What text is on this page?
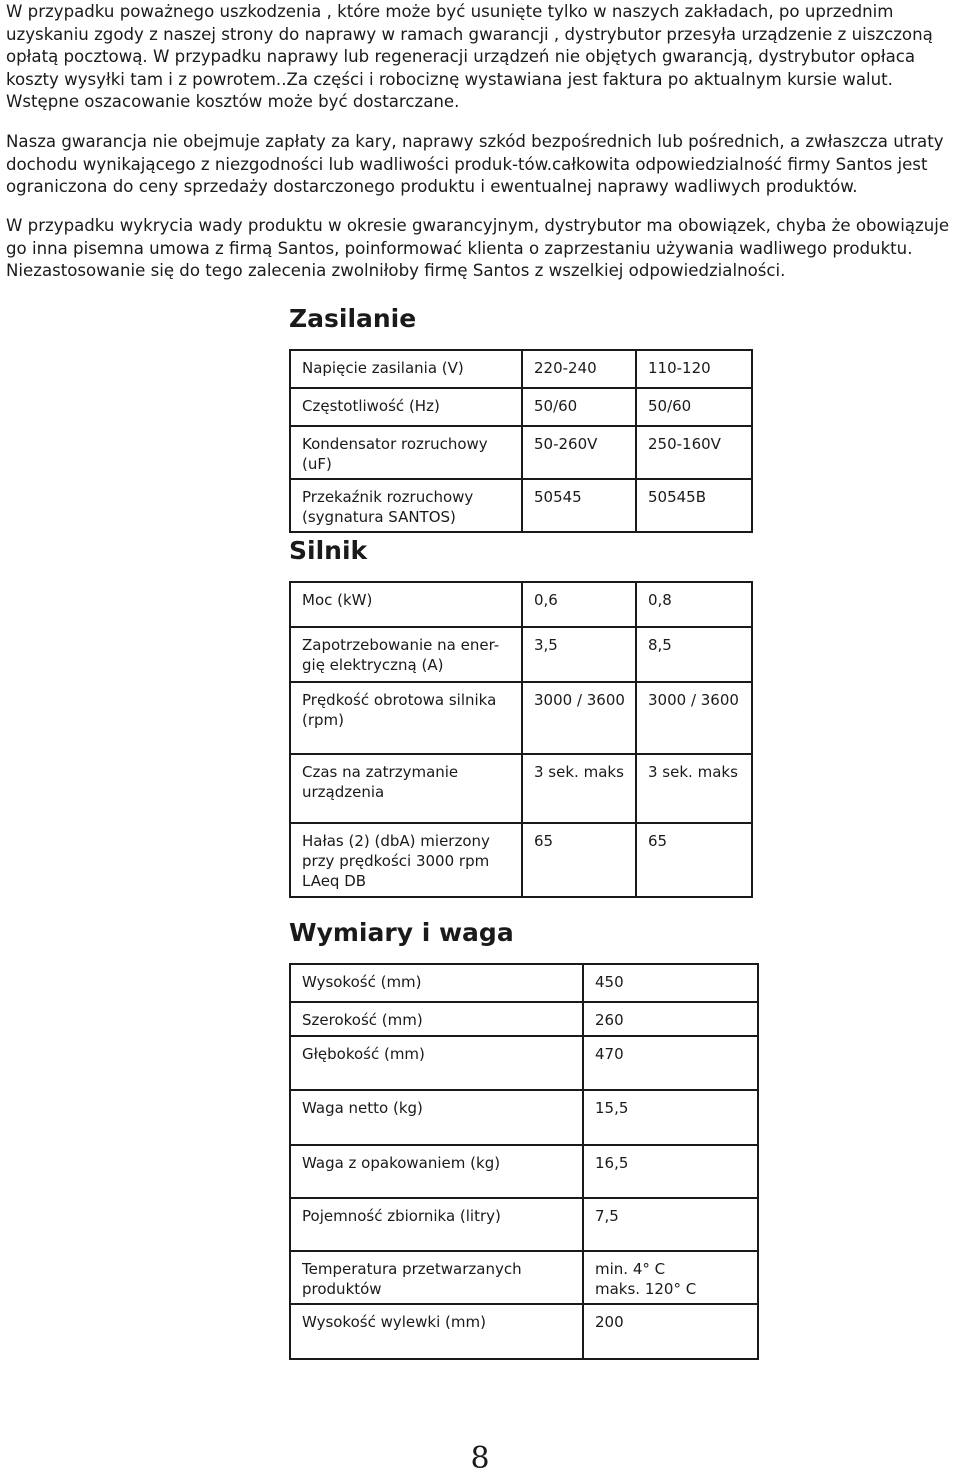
W przypadku poważnego uszkodzenia , które może być usunięte tylko w naszych zakładach, po uprzednim uzyskaniu zgody z naszej strony do naprawy w ramach gwarancji , dystrybutor przesyła urządzenie z uiszczoną opłatą pocztową. W przypadku naprawy lub regeneracji urządzeń nie objętych gwarancją, dystrybutor opłaca koszty wysyłki tam i z powrotem..Za części i robociznę wystawiana jest faktura po aktualnym kursie walut. Wstępne oszacowanie kosztów może być dostarczane.

Nasza gwarancja nie obejmuje zapłaty za kary, naprawy szkód bezpośrednich lub pośrednich, a zwłaszcza utraty dochodu wynikającego z niezgodności lub wadliwości produk-tów.całkowita odpowiedzialność firmy Santos jest ograniczona do ceny sprzedaży dostarczonego produktu i ewentualnej naprawy wadliwych produktów.

W przypadku wykrycia wady produktu w okresie gwarancyjnym, dystrybutor ma obowiązek, chyba że obowiązuje go inna pisemna umowa z firmą Santos, poinformować klienta o zaprzestaniu używania wadliwego produktu. Niezastosowanie się do tego zalecenia zwolniłoby firmę Santos z wszelkiej odpowiedzialności.

Zasilanie
Napięcie zasilania (V)	220-240	110-120
Częstotliwość (Hz)	50/60	50/60
Kondensator rozruchowy (uF)	50-260V	250-160V
Przekaźnik rozruchowy (sygnatura SANTOS)	50545	50545B
Silnik
Moc (kW)	0,6	0,8
Zapotrzebowanie na ener-gię elektryczną (A)	3,5	8,5
Prędkość obrotowa silnika (rpm)	3000 / 3600	3000 / 3600
Czas na zatrzymanie urządzenia	3 sek. maks	3 sek. maks
Hałas (2) (dbA) mierzony przy prędkości 3000 rpm LAeq DB	65	65
Wymiary i waga
Wysokość (mm)	450
Szerokość (mm)	260
Głębokość (mm)	470
Waga netto (kg)	15,5
Waga z opakowaniem (kg)	16,5
Pojemność zbiornika (litry)	7,5
Temperatura przetwarzanych produktów	min. 4° C
maks. 120° C
Wysokość wylewki (mm)	200
8
